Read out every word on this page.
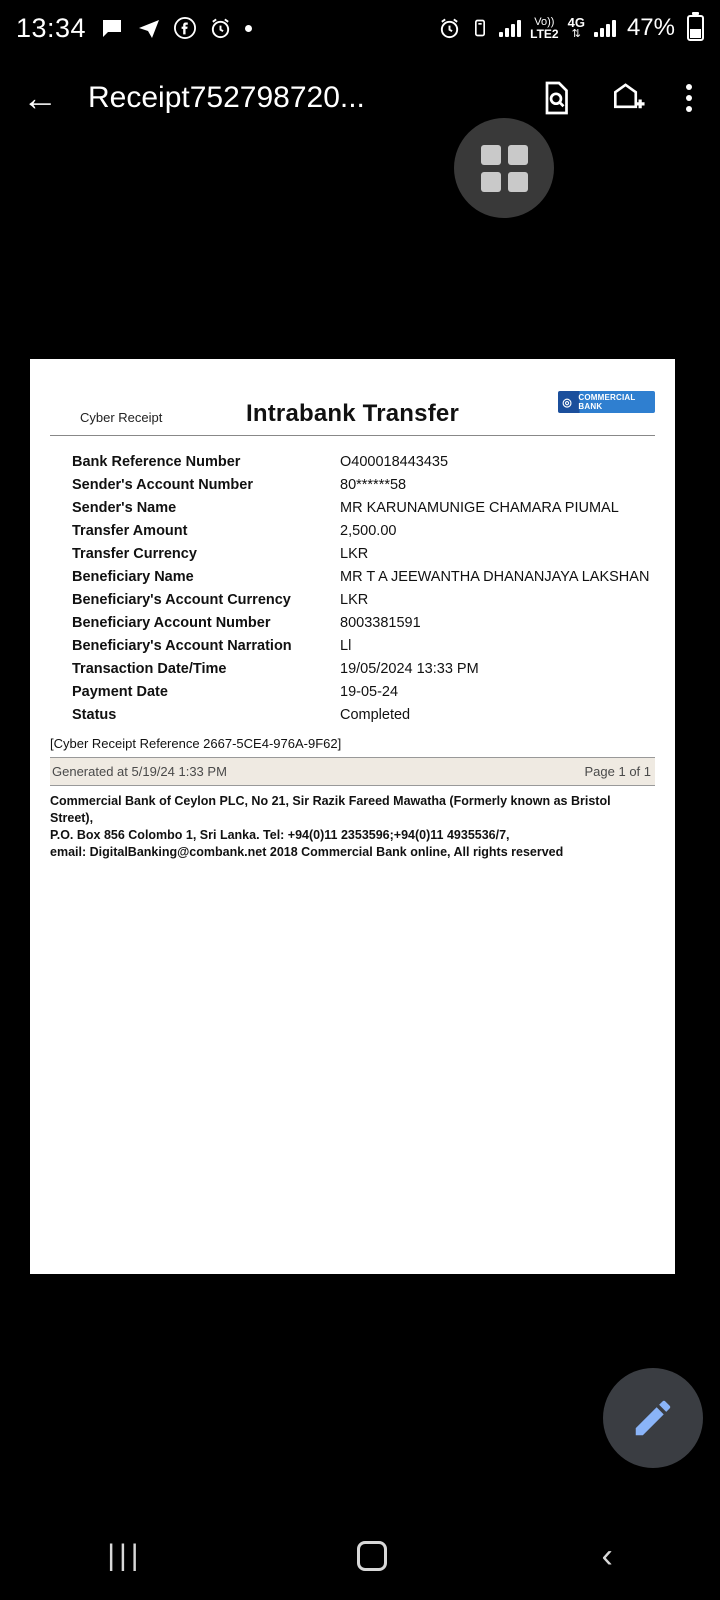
13:34	Vo))
LTE2
4G
⇅ 47%
← Receipt752798720...
Cyber Receipt	Intrabank Transfer	◎ COMMERCIAL BANK
Bank Reference Number	O400018443435
Sender's Account Number	80******58
Sender's Name	MR KARUNAMUNIGE CHAMARA PIUMAL
Transfer Amount	2,500.00
Transfer Currency	LKR
Beneficiary Name	MR T A JEEWANTHA DHANANJAYA LAKSHAN
Beneficiary's Account Currency	LKR
Beneficiary Account Number	8003381591
Beneficiary's Account Narration	Ll
Transaction Date/Time	19/05/2024 13:33 PM
Payment Date	19-05-24
Status	Completed
[Cyber Receipt Reference 2667-5CE4-976A-9F62]
Generated at 5/19/24 1:33 PM	Page 1 of 1
Commercial Bank of Ceylon PLC, No 21, Sir Razik Fareed Mawatha (Formerly known as Bristol Street),
P.O. Box 856 Colombo 1, Sri Lanka. Tel: +94(0)11 2353596;+94(0)11 4935536/7,
email: DigitalBanking@combank.net 2018 Commercial Bank online, All rights reserved
|||	‹
